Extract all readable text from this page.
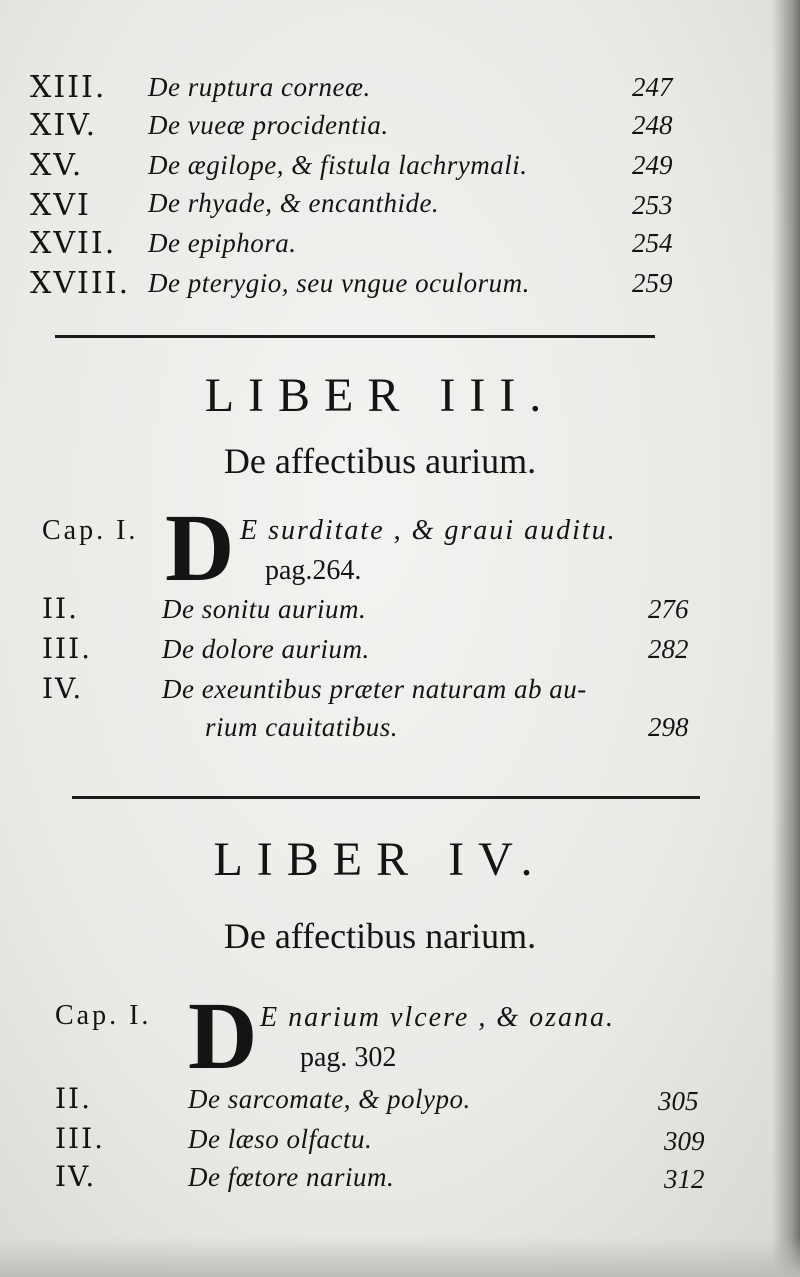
XIII. De ruptura corneæ.	247
XIV. De vueæ procidentia.	248
XV. De ægilope, & fistula lachrymali.	249
XVI De rhyade, & encanthide.	253
XVII. De epiphora.	254
XVIII. De pterygio, seu vngue oculorum.	259
LIBER III.
De affectibus aurium.
Cap. I. D E surditate , & graui auditu.
pag.264.
II.	De sonitu aurium.	276
III.	De dolore aurium.	282
IV.	De exeuntibus præter naturam ab au-
rium cauitatibus.	298
LIBER IV.
De affectibus narium.
Cap. I. D E narium vlcere , & ozana.
pag. 302
II.	De sarcomate, & polypo.	305
III.	De læso olfactu.	309
IV.	De fœtore narium.	312
